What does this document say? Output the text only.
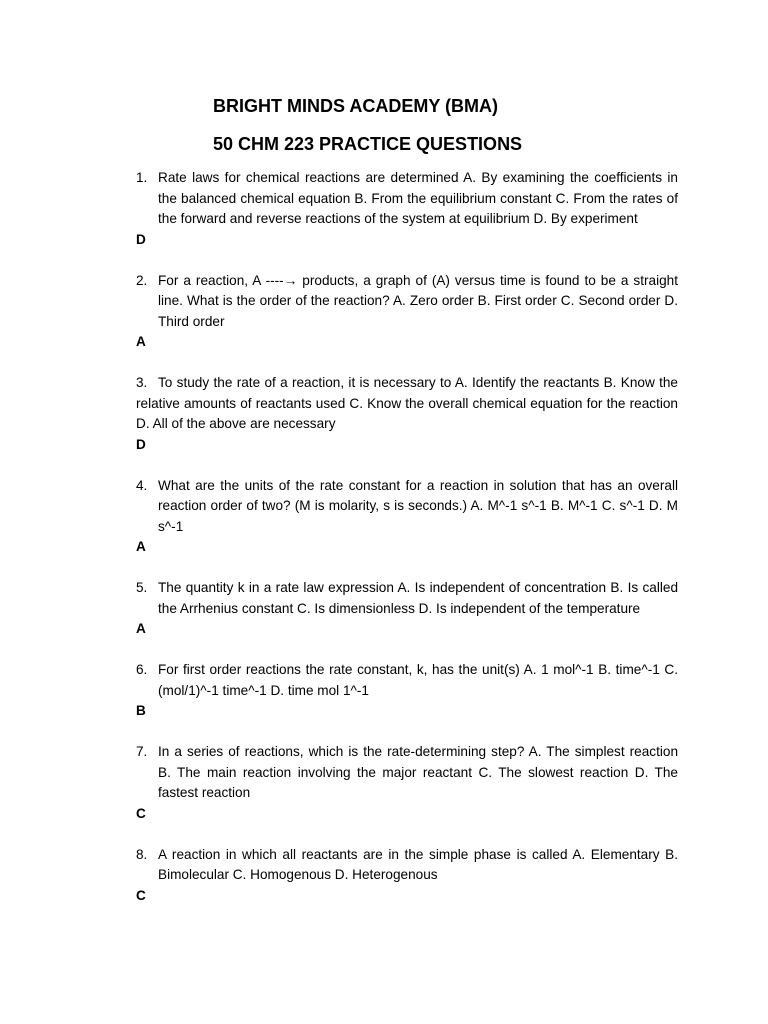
BRIGHT MINDS ACADEMY (BMA)
50 CHM 223 PRACTICE QUESTIONS
1. Rate laws for chemical reactions are determined A. By examining the coefficients in the balanced chemical equation B. From the equilibrium constant C. From the rates of the forward and reverse reactions of the system at equilibrium D. By experiment
D
2. For a reaction, A ----→ products, a graph of (A) versus time is found to be a straight line. What is the order of the reaction? A. Zero order B. First order C. Second order D. Third order
A
3. To study the rate of a reaction, it is necessary to A. Identify the reactants B. Know the relative amounts of reactants used C. Know the overall chemical equation for the reaction D. All of the above are necessary
D
4. What are the units of the rate constant for a reaction in solution that has an overall reaction order of two? (M is molarity, s is seconds.) A. M^-1 s^-1 B. M^-1 C. s^-1 D. M s^-1
A
5. The quantity k in a rate law expression A. Is independent of concentration B. Is called the Arrhenius constant C. Is dimensionless D. Is independent of the temperature
A
6. For first order reactions the rate constant, k, has the unit(s) A. 1 mol^-1 B. time^-1 C. (mol/1)^-1 time^-1 D. time mol 1^-1
B
7. In a series of reactions, which is the rate-determining step? A. The simplest reaction B. The main reaction involving the major reactant C. The slowest reaction D. The fastest reaction
C
8. A reaction in which all reactants are in the simple phase is called A. Elementary B. Bimolecular C. Homogenous D. Heterogenous
C
